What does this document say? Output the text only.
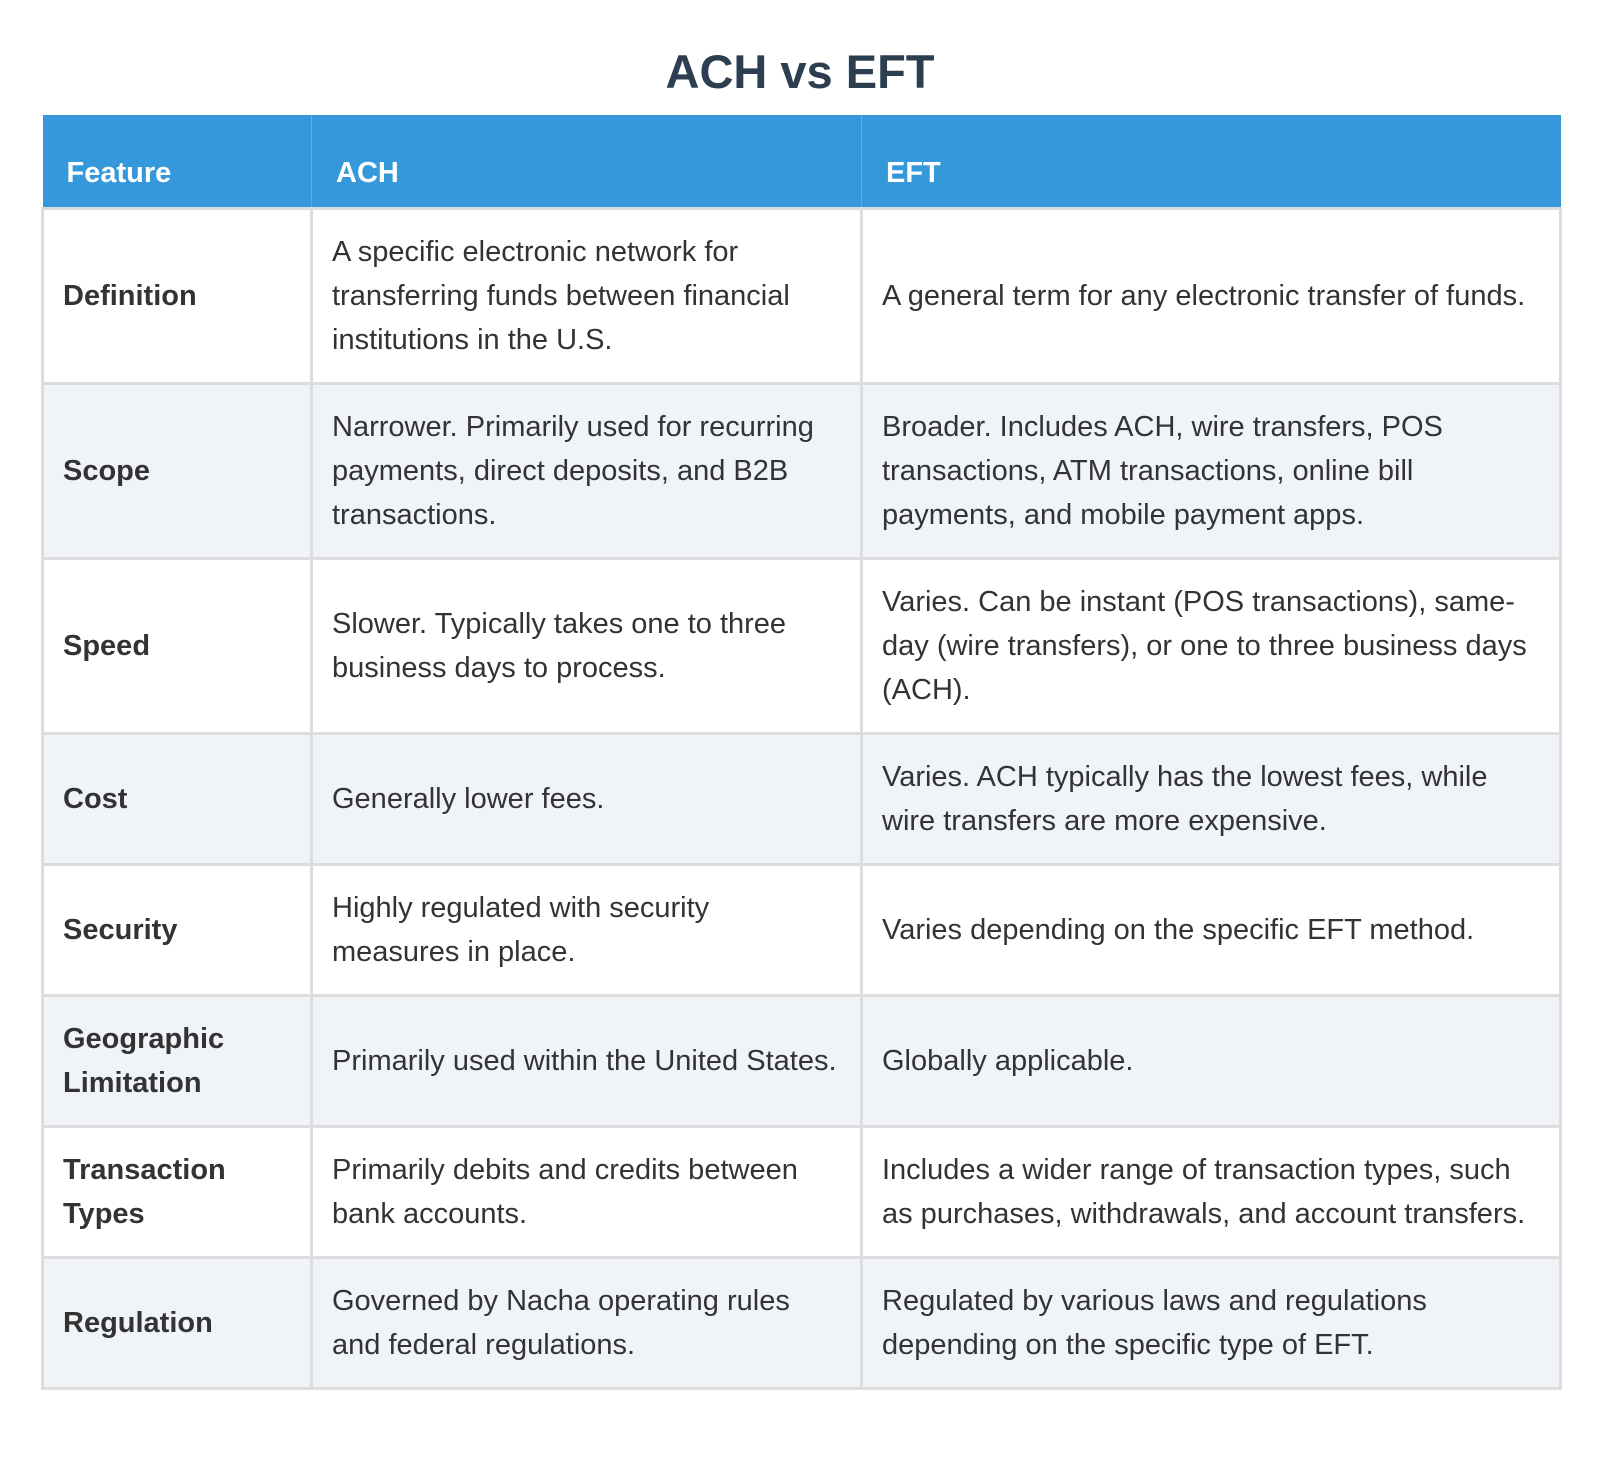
ACH vs EFT
Feature	ACH	EFT
Definition	A specific electronic network for transferring funds between financial institutions in the U.S.	A general term for any electronic transfer of funds.
Scope	Narrower. Primarily used for recurring payments, direct deposits, and B2B transactions.	Broader. Includes ACH, wire transfers, POS transactions, ATM transactions, online bill payments, and mobile payment apps.
Speed	Slower. Typically takes one to three business days to process.	Varies. Can be instant (POS transactions), same-day (wire transfers), or one to three business days (ACH).
Cost	Generally lower fees.	Varies. ACH typically has the lowest fees, while wire transfers are more expensive.
Security	Highly regulated with security measures in place.	Varies depending on the specific EFT method.
Geographic Limitation	Primarily used within the United States.	Globally applicable.
Transaction Types	Primarily debits and credits between bank accounts.	Includes a wider range of transaction types, such as purchases, withdrawals, and account transfers.
Regulation	Governed by Nacha operating rules and federal regulations.	Regulated by various laws and regulations depending on the specific type of EFT.
